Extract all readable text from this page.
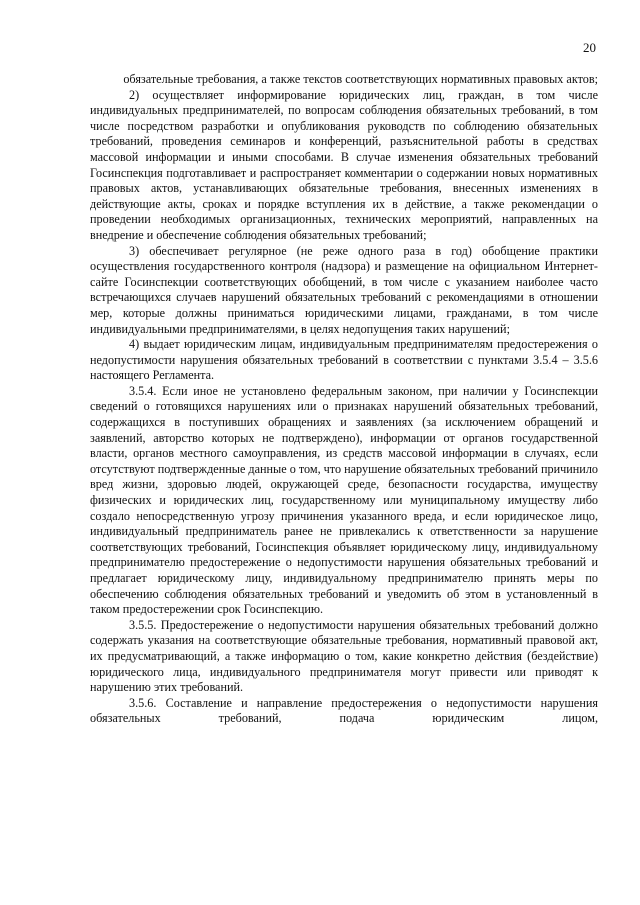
20

обязательные требования, а также текстов соответствующих нормативных правовых актов;

2) осуществляет информирование юридических лиц, граждан, в том числе индивидуальных предпринимателей, по вопросам соблюдения обязательных требований, в том числе посредством разработки и опубликования руководств по соблюдению обязательных требований, проведения семинаров и конференций, разъяснительной работы в средствах массовой информации и иными способами. В случае изменения обязательных требований Госинспекция подготавливает и распространяет комментарии о содержании новых нормативных правовых актов, устанавливающих обязательные требования, внесенных изменениях в действующие акты, сроках и порядке вступления их в действие, а также рекомендации о проведении необходимых организационных, технических мероприятий, направленных на внедрение и обеспечение соблюдения обязательных требований;

3) обеспечивает регулярное (не реже одного раза в год) обобщение практики осуществления государственного контроля (надзора) и размещение на официальном Интернет-сайте Госинспекции соответствующих обобщений, в том числе с указанием наиболее часто встречающихся случаев нарушений обязательных требований с рекомендациями в отношении мер, которые должны приниматься юридическими лицами, гражданами, в том числе индивидуальными предпринимателями, в целях недопущения таких нарушений;

4) выдает юридическим лицам, индивидуальным предпринимателям предостережения о недопустимости нарушения обязательных требований в соответствии с пунктами 3.5.4 – 3.5.6 настоящего Регламента.

3.5.4. Если иное не установлено федеральным законом, при наличии у Госинспекции сведений о готовящихся нарушениях или о признаках нарушений обязательных требований, содержащихся в поступивших обращениях и заявлениях (за исключением обращений и заявлений, авторство которых не подтверждено), информации от органов государственной власти, органов местного самоуправления, из средств массовой информации в случаях, если отсутствуют подтвержденные данные о том, что нарушение обязательных требований причинило вред жизни, здоровью людей, окружающей среде, безопасности государства, имуществу физических и юридических лиц, государственному или муниципальному имуществу либо создало непосредственную угрозу причинения указанного вреда, и если юридическое лицо, индивидуальный предприниматель ранее не привлекались к ответственности за нарушение соответствующих требований, Госинспекция объявляет юридическому лицу, индивидуальному предпринимателю предостережение о недопустимости нарушения обязательных требований и предлагает юридическому лицу, индивидуальному предпринимателю принять меры по обеспечению соблюдения обязательных требований и уведомить об этом в установленный в таком предостережении срок Госинспекцию.

3.5.5. Предостережение о недопустимости нарушения обязательных требований должно содержать указания на соответствующие обязательные требования, нормативный правовой акт, их предусматривающий, а также информацию о том, какие конкретно действия (бездействие) юридического лица, индивидуального предпринимателя могут привести или приводят к нарушению этих требований.

3.5.6. Составление и направление предостережения о недопустимости нарушения обязательных требований, подача юридическим лицом,
